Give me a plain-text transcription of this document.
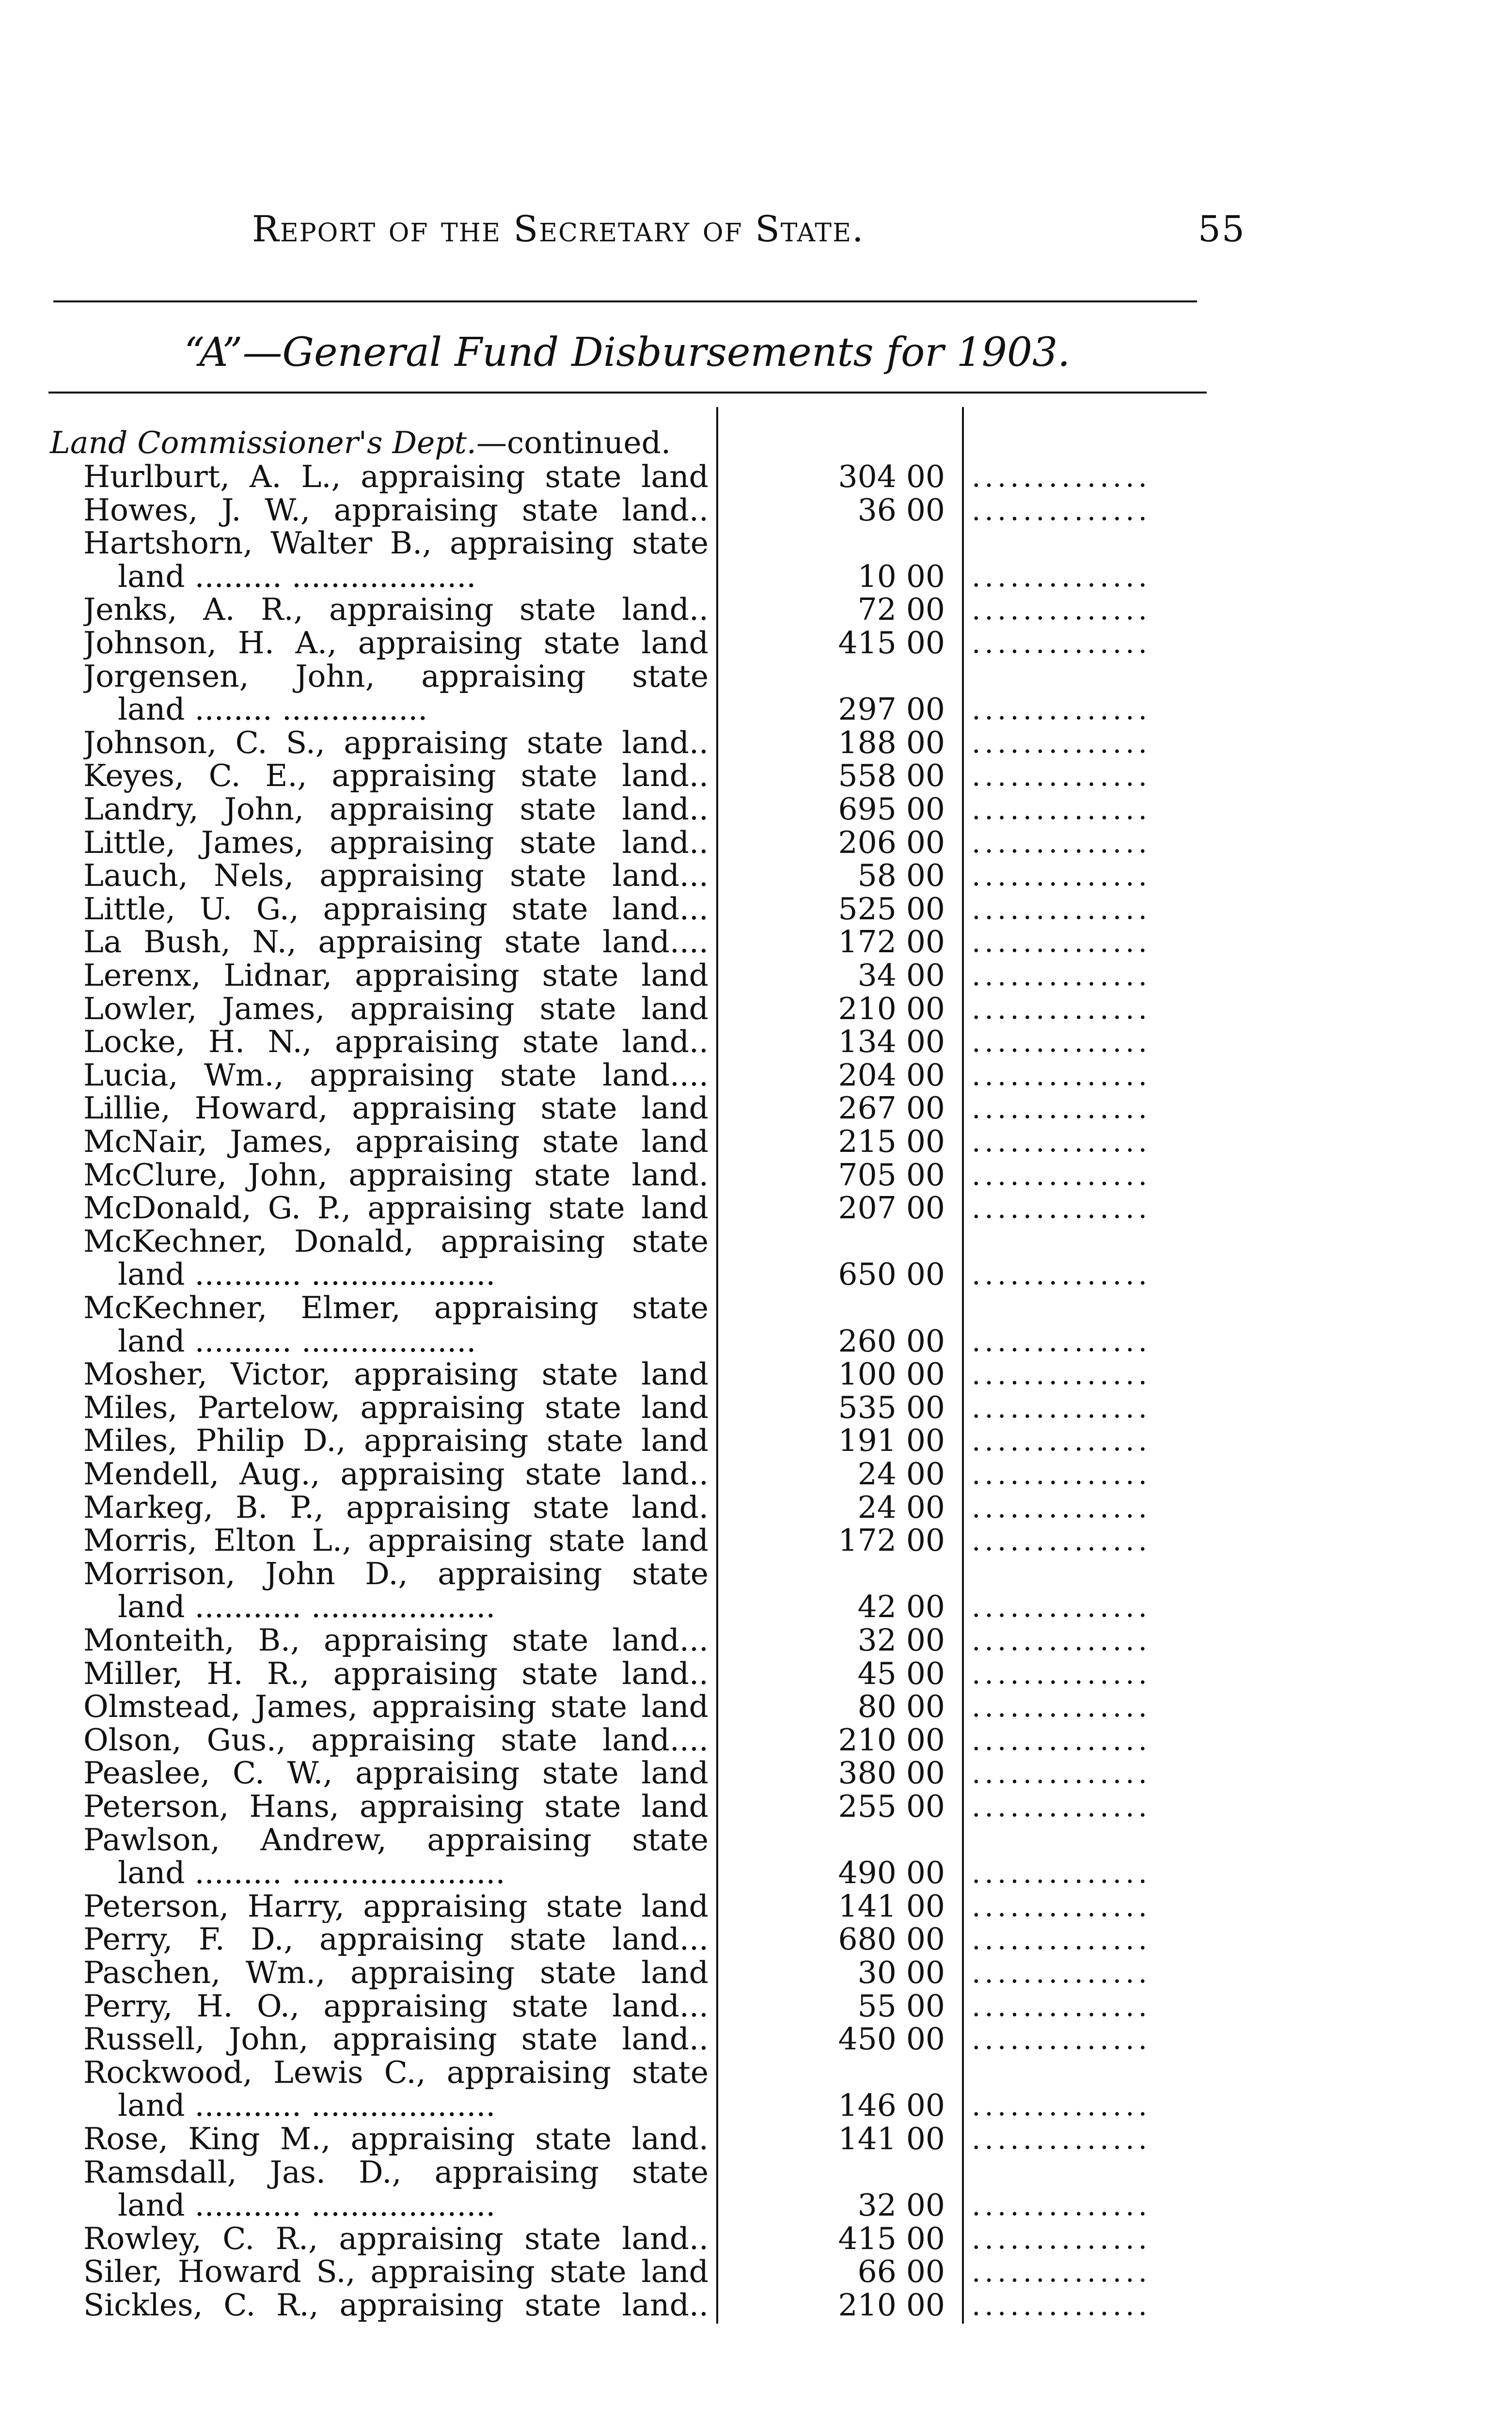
Report of the Secretary of State.	55
“A”—General Fund Disbursements for 1903.
Land Commissioner's Dept.—continued.
Hurlburt, A. L., appraising state land	304 00 ..............
Howes, J. W., appraising state land..	36 00 ..............
Hartshorn, Walter B., appraising state
land ......... ...................	10 00 ..............
Jenks, A. R., appraising state land..	72 00 ..............
Johnson, H. A., appraising state land	415 00 ..............
Jorgensen, John, appraising state
land ........ ...............	297 00 ..............
Johnson, C. S., appraising state land..	188 00 ..............
Keyes, C. E., appraising state land..	558 00 ..............
Landry, John, appraising state land..	695 00 ..............
Little, James, appraising state land..	206 00 ..............
Lauch, Nels, appraising state land...	58 00 ..............
Little, U. G., appraising state land...	525 00 ..............
La Bush, N., appraising state land....	172 00 ..............
Lerenx, Lidnar, appraising state land	34 00 ..............
Lowler, James, appraising state land	210 00 ..............
Locke, H. N., appraising state land..	134 00 ..............
Lucia, Wm., appraising state land....	204 00 ..............
Lillie, Howard, appraising state land	267 00 ..............
McNair, James, appraising state land	215 00 ..............
McClure, John, appraising state land.	705 00 ..............
McDonald, G. P., appraising state land	207 00 ..............
McKechner, Donald, appraising state
land ........... ...................	650 00 ..............
McKechner, Elmer, appraising state
land .......... ..................	260 00 ..............
Mosher, Victor, appraising state land	100 00 ..............
Miles, Partelow, appraising state land	535 00 ..............
Miles, Philip D., appraising state land	191 00 ..............
Mendell, Aug., appraising state land..	24 00 ..............
Markeg, B. P., appraising state land.	24 00 ..............
Morris, Elton L., appraising state land	172 00 ..............
Morrison, John D., appraising state
land ........... ...................	42 00 ..............
Monteith, B., appraising state land...	32 00 ..............
Miller, H. R., appraising state land..	45 00 ..............
Olmstead, James, appraising state land	80 00 ..............
Olson, Gus., appraising state land....	210 00 ..............
Peaslee, C. W., appraising state land	380 00 ..............
Peterson, Hans, appraising state land	255 00 ..............
Pawlson, Andrew, appraising state
land ......... ......................	490 00 ..............
Peterson, Harry, appraising state land	141 00 ..............
Perry, F. D., appraising state land...	680 00 ..............
Paschen, Wm., appraising state land	30 00 ..............
Perry, H. O., appraising state land...	55 00 ..............
Russell, John, appraising state land..	450 00 ..............
Rockwood, Lewis C., appraising state
land ........... ...................	146 00 ..............
Rose, King M., appraising state land.	141 00 ..............
Ramsdall, Jas. D., appraising state
land ........... ...................	32 00 ..............
Rowley, C. R., appraising state land..	415 00 ..............
Siler, Howard S., appraising state land	66 00 ..............
Sickles, C. R., appraising state land..	210 00 ..............
